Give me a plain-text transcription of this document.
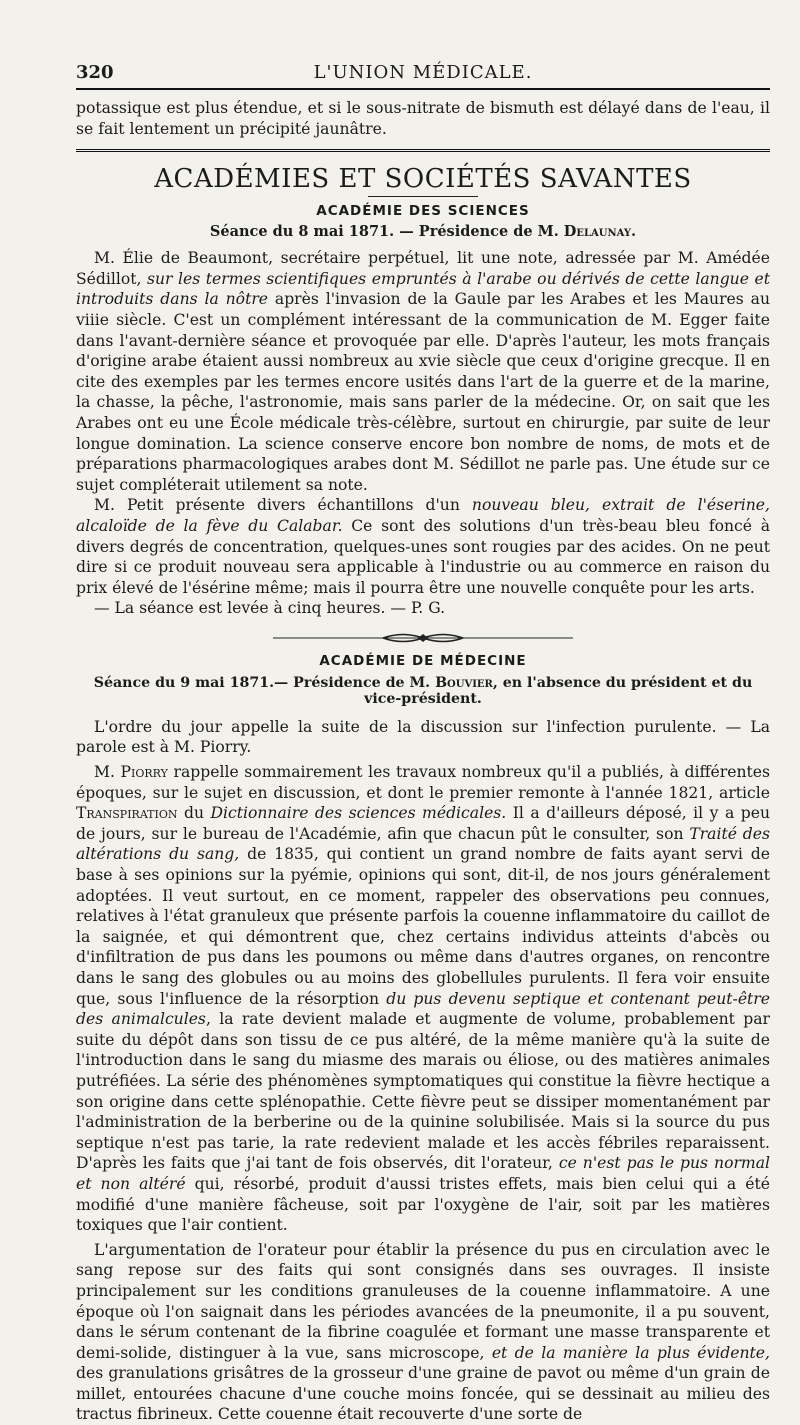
320	L'UNION MÉDICALE.

potassique est plus étendue, et si le sous-nitrate de bismuth est délayé dans de l'eau, il se fait lentement un précipité jaunâtre.

ACADÉMIES ET SOCIÉTÉS SAVANTES
ACADÉMIE DES SCIENCES
Séance du 8 mai 1871. — Présidence de M. Delaunay.

M. Élie de Beaumont, secrétaire perpétuel, lit une note, adressée par M. Amédée Sédillot, sur les termes scientifiques empruntés à l'arabe ou dérivés de cette langue et introduits dans la nôtre après l'invasion de la Gaule par les Arabes et les Maures au viiie siècle. C'est un complément intéressant de la communication de M. Egger faite dans l'avant-dernière séance et provoquée par elle. D'après l'auteur, les mots français d'origine arabe étaient aussi nombreux au xvie siècle que ceux d'origine grecque. Il en cite des exemples par les termes encore usités dans l'art de la guerre et de la marine, la chasse, la pêche, l'astronomie, mais sans parler de la médecine. Or, on sait que les Arabes ont eu une École médicale très-célèbre, surtout en chirurgie, par suite de leur longue domination. La science conserve encore bon nombre de noms, de mots et de préparations pharmacologiques arabes dont M. Sédillot ne parle pas. Une étude sur ce sujet compléterait utilement sa note.

M. Petit présente divers échantillons d'un nouveau bleu, extrait de l'éserine, alcaloïde de la fève du Calabar. Ce sont des solutions d'un très-beau bleu foncé à divers degrés de concentration, quelques-unes sont rougies par des acides. On ne peut dire si ce produit nouveau sera applicable à l'industrie ou au commerce en raison du prix élevé de l'ésérine même; mais il pourra être une nouvelle conquête pour les arts.

— La séance est levée à cinq heures. — P. G.

ACADÉMIE DE MÉDECINE
Séance du 9 mai 1871.— Présidence de M. Bouvier, en l'absence du président et du vice-président.

L'ordre du jour appelle la suite de la discussion sur l'infection purulente. — La parole est à M. Piorry.

M. Piorry rappelle sommairement les travaux nombreux qu'il a publiés, à différentes époques, sur le sujet en discussion, et dont le premier remonte à l'année 1821, article Transpiration du Dictionnaire des sciences médicales. Il a d'ailleurs déposé, il y a peu de jours, sur le bureau de l'Académie, afin que chacun pût le consulter, son Traité des altérations du sang, de 1835, qui contient un grand nombre de faits ayant servi de base à ses opinions sur la pyémie, opinions qui sont, dit-il, de nos jours généralement adoptées. Il veut surtout, en ce moment, rappeler des observations peu connues, relatives à l'état granuleux que présente parfois la couenne inflammatoire du caillot de la saignée, et qui démontrent que, chez certains individus atteints d'abcès ou d'infiltration de pus dans les poumons ou même dans d'autres organes, on rencontre dans le sang des globules ou au moins des globellules purulents. Il fera voir ensuite que, sous l'influence de la résorption du pus devenu septique et contenant peut-être des animalcules, la rate devient malade et augmente de volume, probablement par suite du dépôt dans son tissu de ce pus altéré, de la même manière qu'à la suite de l'introduction dans le sang du miasme des marais ou éliose, ou des matières animales putréfiées. La série des phénomènes symptomatiques qui constitue la fièvre hectique a son origine dans cette splénopathie. Cette fièvre peut se dissiper momentanément par l'administration de la berberine ou de la quinine solubilisée. Mais si la source du pus septique n'est pas tarie, la rate redevient malade et les accès fébriles reparaissent. D'après les faits que j'ai tant de fois observés, dit l'orateur, ce n'est pas le pus normal et non altéré qui, résorbé, produit d'aussi tristes effets, mais bien celui qui a été modifié d'une manière fâcheuse, soit par l'oxygène de l'air, soit par les matières toxiques que l'air contient.

L'argumentation de l'orateur pour établir la présence du pus en circulation avec le sang repose sur des faits qui sont consignés dans ses ouvrages. Il insiste principalement sur les conditions granuleuses de la couenne inflammatoire. A une époque où l'on saignait dans les périodes avancées de la pneumonite, il a pu souvent, dans le sérum contenant de la fibrine coagulée et formant une masse transparente et demi-solide, distinguer à la vue, sans microscope, et de la manière la plus évidente, des granulations grisâtres de la grosseur d'une graine de pavot ou même d'un grain de millet, entourées chacune d'une couche moins foncée, qui se dessinait au milieu des tractus fibrineux. Cette couenne était recouverte d'une sorte de
